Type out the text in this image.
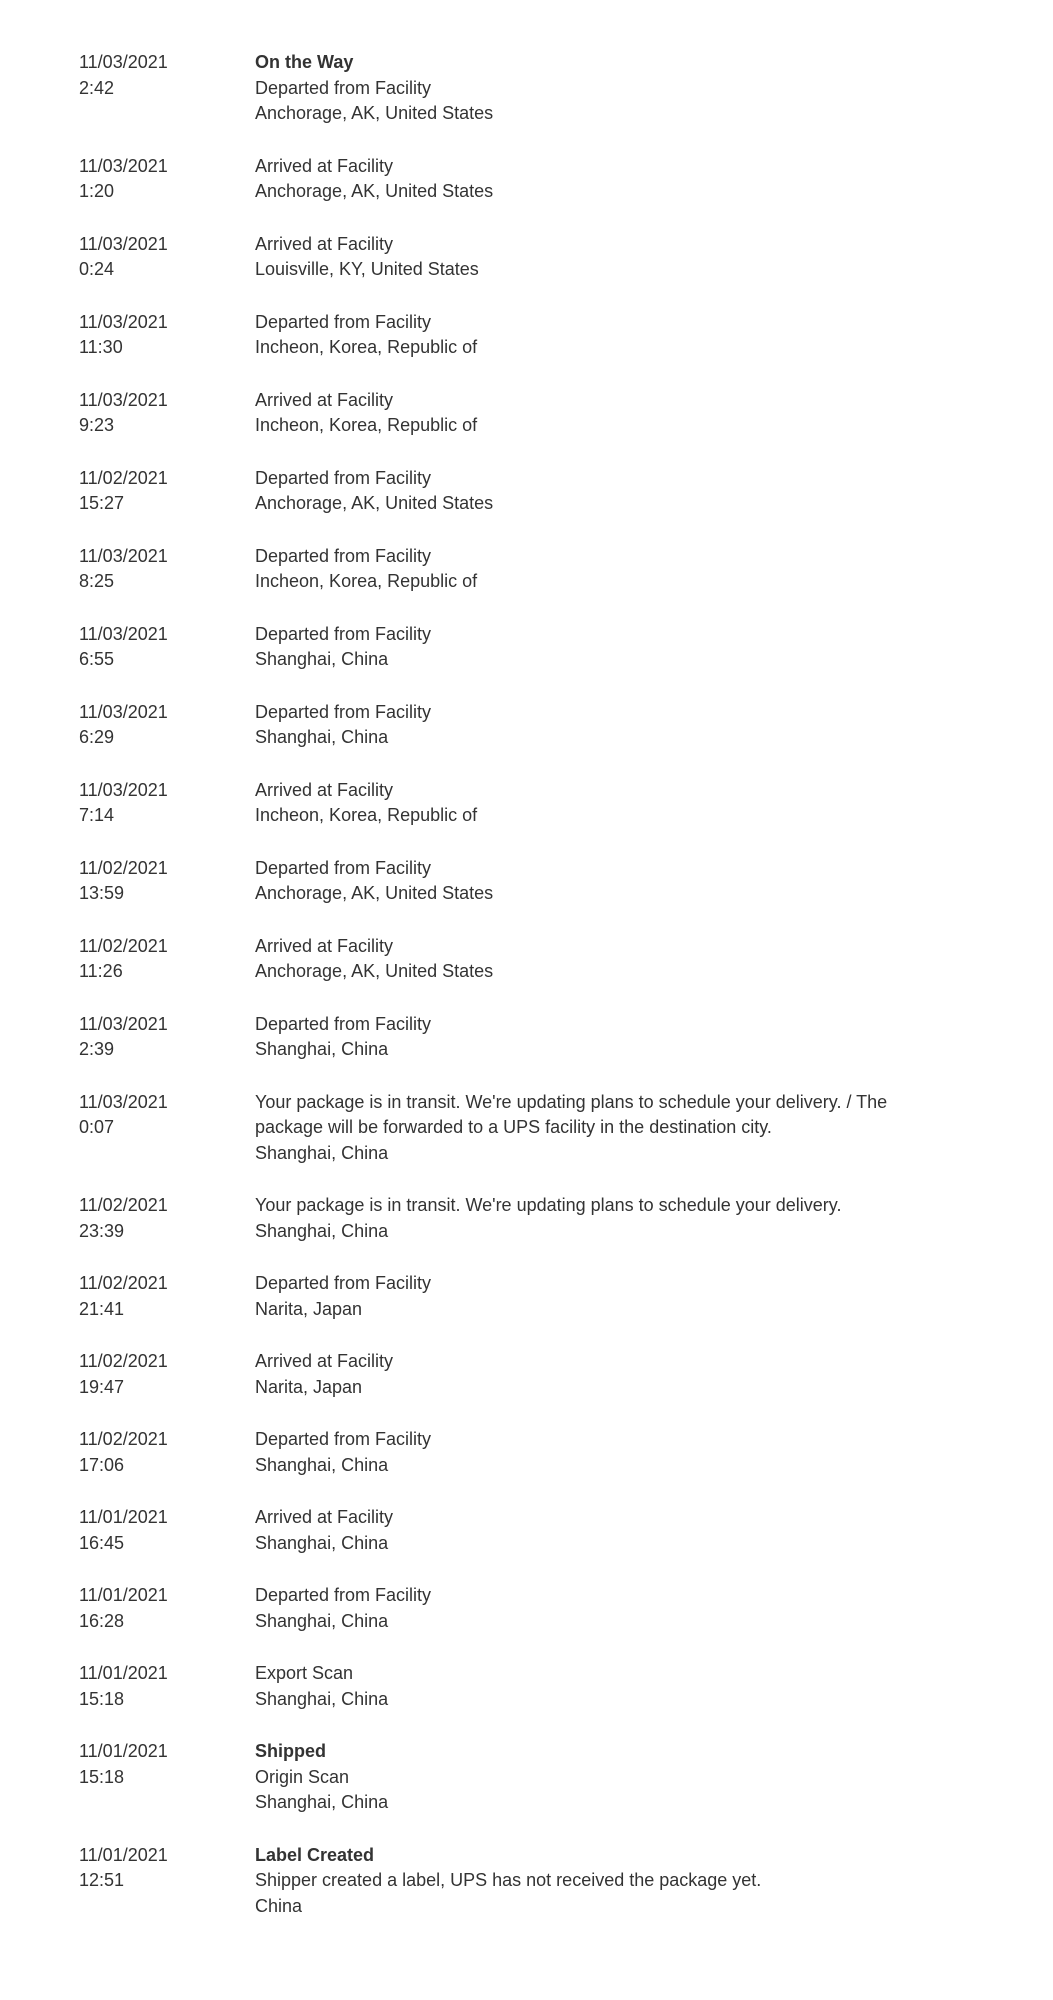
11/03/2021
2:42
On the Way
Departed from Facility
Anchorage, AK, United States
11/03/2021
1:20
Arrived at Facility
Anchorage, AK, United States
11/03/2021
0:24
Arrived at Facility
Louisville, KY, United States
11/03/2021
11:30
Departed from Facility
Incheon, Korea, Republic of
11/03/2021
9:23
Arrived at Facility
Incheon, Korea, Republic of
11/02/2021
15:27
Departed from Facility
Anchorage, AK, United States
11/03/2021
8:25
Departed from Facility
Incheon, Korea, Republic of
11/03/2021
6:55
Departed from Facility
Shanghai, China
11/03/2021
6:29
Departed from Facility
Shanghai, China
11/03/2021
7:14
Arrived at Facility
Incheon, Korea, Republic of
11/02/2021
13:59
Departed from Facility
Anchorage, AK, United States
11/02/2021
11:26
Arrived at Facility
Anchorage, AK, United States
11/03/2021
2:39
Departed from Facility
Shanghai, China
11/03/2021
0:07
Your package is in transit. We're updating plans to schedule your delivery. / The package will be forwarded to a UPS facility in the destination city.
Shanghai, China
11/02/2021
23:39
Your package is in transit. We're updating plans to schedule your delivery.
Shanghai, China
11/02/2021
21:41
Departed from Facility
Narita, Japan
11/02/2021
19:47
Arrived at Facility
Narita, Japan
11/02/2021
17:06
Departed from Facility
Shanghai, China
11/01/2021
16:45
Arrived at Facility
Shanghai, China
11/01/2021
16:28
Departed from Facility
Shanghai, China
11/01/2021
15:18
Export Scan
Shanghai, China
11/01/2021
15:18
Shipped
Origin Scan
Shanghai, China
11/01/2021
12:51
Label Created
Shipper created a label, UPS has not received the package yet.
China
